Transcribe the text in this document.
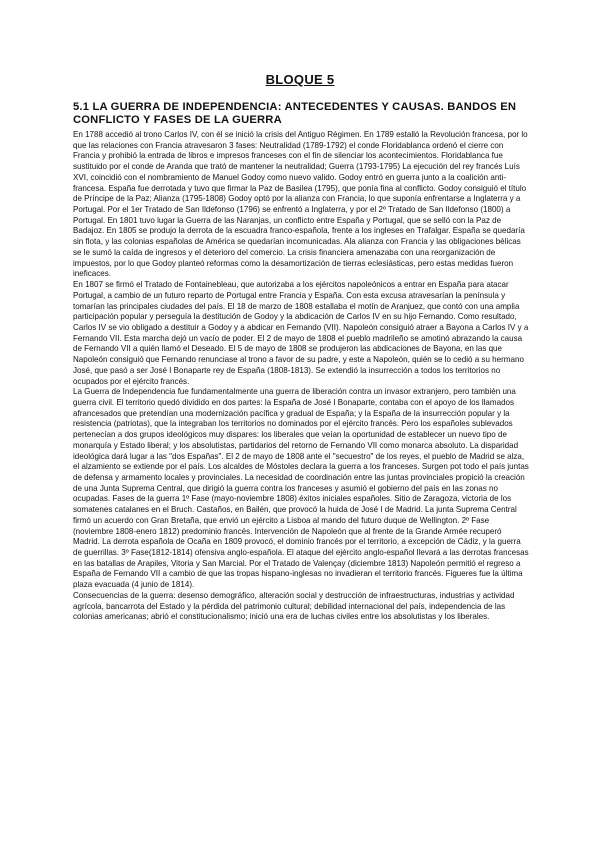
BLOQUE 5
5.1 LA GUERRA DE INDEPENDENCIA: ANTECEDENTES Y CAUSAS. BANDOS EN CONFLICTO Y FASES DE LA GUERRA

En 1788 accedió al trono Carlos IV, con él se inició la crisis del Antiguo Régimen. En 1789 estalló la Revolución francesa, por lo que las relaciones con Francia atravesaron 3 fases: Neutralidad (1789-1792) el conde Floridablanca ordenó el cierre con Francia y prohibió la entrada de libros e impresos franceses con el fin de silenciar los acontecimientos. Floridablanca fue sustituido por el conde de Aranda que trató de mantener la neutralidad; Guerra (1793-1795) La ejecución del rey francés Luís XVI, coincidió con el nombramiento de Manuel Godoy como nuevo valido. Godoy entró en guerra junto a la coalición anti-francesa. España fue derrotada y tuvo que firmar la Paz de Basilea (1795), que ponía fina al conflicto. Godoy consiguió el título de Príncipe de la Paz; Alianza (1795-1808) Godoy optó por la alianza con Francia, lo que suponía enfrentarse a Inglaterra y a Portugal. Por el 1er Tratado de San Ildefonso (1796) se enfrentó a Inglaterra, y por el 2º Tratado de San Ildefonso (1800) a Portugal. En 1801 tuvo lugar la Guerra de las Naranjas, un conflicto entre España y Portugal, que se selló con la Paz de Badajoz. En 1805 se produjo la derrota de la escuadra franco-española, frente a los ingleses en Trafalgar. España se quedaría sin flota, y las colonias españolas de América se quedarían incomunicadas. Ala alianza con Francia y las obligaciones bélicas se le sumó la caída de ingresos y el deterioro del comercio. La crisis financiera amenazaba con una reorganización de impuestos, por lo que Godoy planteó reformas como la desamortización de tierras eclesiásticas, pero estas medidas fueron ineficaces.

En 1807 se firmó el Tratado de Fontainebleau, que autorizaba a los ejércitos napoleónicos a entrar en España para atacar Portugal, a cambio de un futuro reparto de Portugal entre Francia y España. Con esta excusa atravesarían la península y tomarían las principales ciudades del país. El 18 de marzo de 1808 estallaba el motín de Aranjuez, que contó con una amplia participación popular y perseguía la destitución de Godoy y la abdicación de Carlos IV en su hijo Fernando. Como resultado, Carlos IV se vio obligado a destituir a Godoy y a abdicar en Fernando (VII). Napoleón consiguió atraer a Bayona a Carlos IV y a Fernando VII. Esta marcha dejó un vacío de poder. El 2 de mayo de 1808 el pueblo madrileño se amotinó abrazando la causa de Fernando VII a quién llamó el Deseado. El 5 de mayo de 1808 se produjeron las abdicaciones de Bayona, en las que Napoleón consiguió que Fernando renunciase al trono a favor de su padre, y este a Napoleón, quién se lo cedió a su hermano José, que pasó a ser José I Bonaparte rey de España (1808-1813). Se extendió la insurrección a todos los territorios no ocupados por el ejército francés.

La Guerra de Independencia fue fundamentalmente una guerra de liberación contra un invasor extranjero, pero también una guerra civil. El territorio quedó dividido en dos partes: la España de José I Bonaparte, contaba con el apoyo de los llamados afrancesados que pretendían una modernización pacífica y gradual de España; y la España de la insurrección popular y la resistencia (patriotas), que la integraban los territorios no dominados por el ejército francés. Pero los españoles sublevados pertenecían a dos grupos ideológicos muy dispares: los liberales que veían la oportunidad de establecer un nuevo tipo de monarquía y Estado liberal; y los absolutistas, partidarios del retorno de Fernando VII como monarca absoluto. La disparidad ideológica dará lugar a las "dos Españas". El 2 de mayo de 1808 ante el "secuestro" de los reyes, el pueblo de Madrid se alza, el alzamiento se extiende por el país. Los alcaldes de Móstoles declara la guerra a los franceses. Surgen pot todo el país juntas de defensa y armamento locales y provinciales. La necesidad de coordinación entre las juntas provinciales propició la creación de una Junta Suprema Central, que dirigió la guerra contra los franceses y asumió el gobierno del país en las zonas no ocupadas. Fases de la guerra 1º Fase (mayo-noviembre 1808) éxitos iniciales españoles. Sitio de Zaragoza, victoria de los somatenes catalanes en el Bruch. Castaños, en Bailén, que provocó la huida de José I de Madrid. La junta Suprema Central firmó un acuerdo con Gran Bretaña, que envió un ejército a Lisboa al mando del futuro duque de Wellington. 2º Fase (noviembre 1808-enero 1812) predominio francés. Intervención de Napoleón que al frente de la Grande Armée recuperó Madrid. La derrota española de Ocaña en 1809 provocó, el dominio francés por el territorio, a excepción de Cádiz, y la guerra de guerrillas. 3º Fase(1812-1814) ofensiva anglo-española. El ataque del ejército anglo-español llevará a las derrotas francesas en las batallas de Arapiles, Vitoria y San Marcial. Por el Tratado de Valençay (diciembre 1813) Napoleón permitió el regreso a España de Fernando VII a cambio de que las tropas hispano-inglesas no invadieran el territorio francés. Figueres fue la última plaza evacuada (4 junio de 1814).

Consecuencias de la guerra: desenso demográfico, alteración social y destrucción de infraestructuras, industrias y actividad agrícola, bancarrota del Estado y la pérdida del patrimonio cultural; debilidad internacional del país, independencia de las colonias americanas; abrió el constitucionalismo; inició una era de luchas civiles entre los absolutistas y los liberales.
